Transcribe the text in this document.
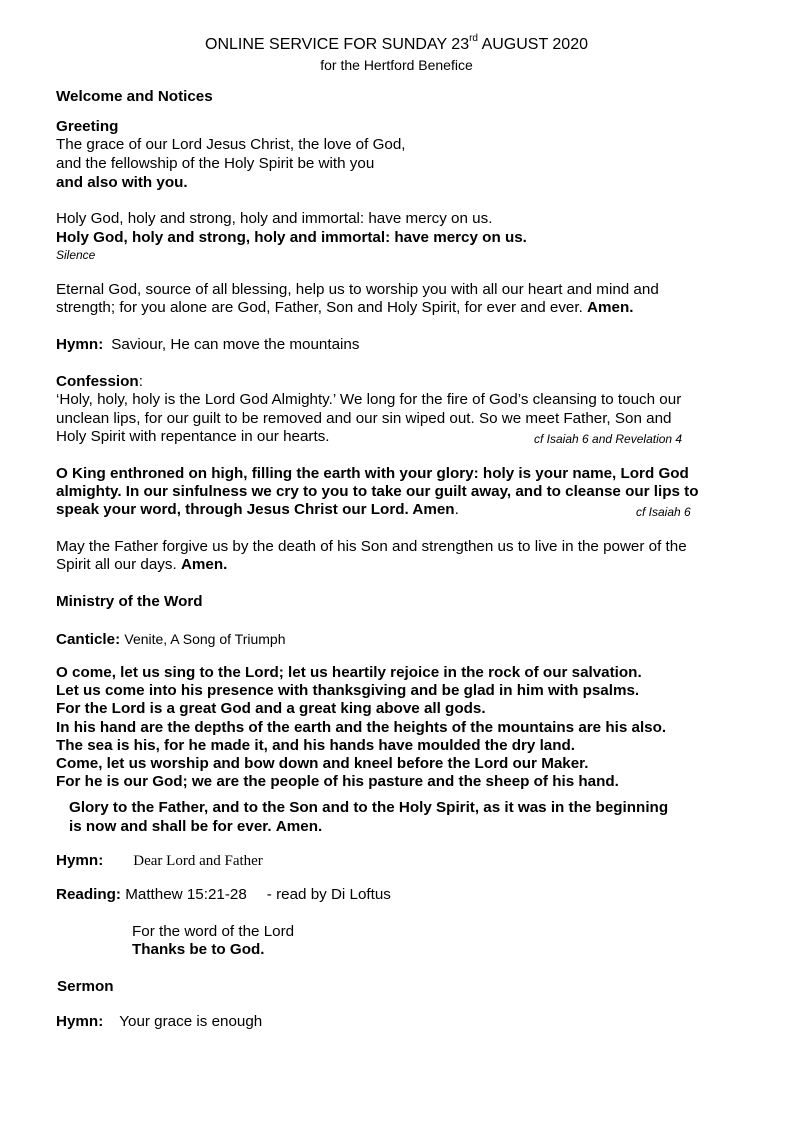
ONLINE SERVICE FOR SUNDAY 23rd AUGUST 2020
for the Hertford Benefice
Welcome and Notices
Greeting
The grace of our Lord Jesus Christ, the love of God,
and the fellowship of the Holy Spirit be with you
and also with you.
Holy God, holy and strong, holy and immortal: have mercy on us.
Holy God, holy and strong, holy and immortal: have mercy on us.
Silence
Eternal God, source of all blessing, help us to worship you with all our heart and mind and
strength; for you alone are God, Father, Son and Holy Spirit, for ever and ever. Amen.
Hymn: Saviour, He can move the mountains
Confession:
‘Holy, holy, holy is the Lord God Almighty.’ We long for the fire of God’s cleansing to touch our
unclean lips, for our guilt to be removed and our sin wiped out. So we meet Father, Son and
Holy Spirit with repentance in our hearts.	cf Isaiah 6 and Revelation 4
O King enthroned on high, filling the earth with your glory: holy is your name, Lord God
almighty. In our sinfulness we cry to you to take our guilt away, and to cleanse our lips to
speak your word, through Jesus Christ our Lord. Amen.	cf Isaiah 6
May the Father forgive us by the death of his Son and strengthen us to live in the power of the
Spirit all our days. Amen.
Ministry of the Word
Canticle: Venite, A Song of Triumph
O come, let us sing to the Lord; let us heartily rejoice in the rock of our salvation.
Let us come into his presence with thanksgiving and be glad in him with psalms.
For the Lord is a great God and a great king above all gods.
In his hand are the depths of the earth and the heights of the mountains are his also.
The sea is his, for he made it, and his hands have moulded the dry land.
Come, let us worship and bow down and kneel before the Lord our Maker.
For he is our God; we are the people of his pasture and the sheep of his hand.
Glory to the Father, and to the Son and to the Holy Spirit, as it was in the beginning
is now and shall be for ever. Amen.
Hymn: Dear Lord and Father
Reading: Matthew 15:21-28 - read by Di Loftus
For the word of the Lord
Thanks be to God.
Sermon
Hymn: Your grace is enough
